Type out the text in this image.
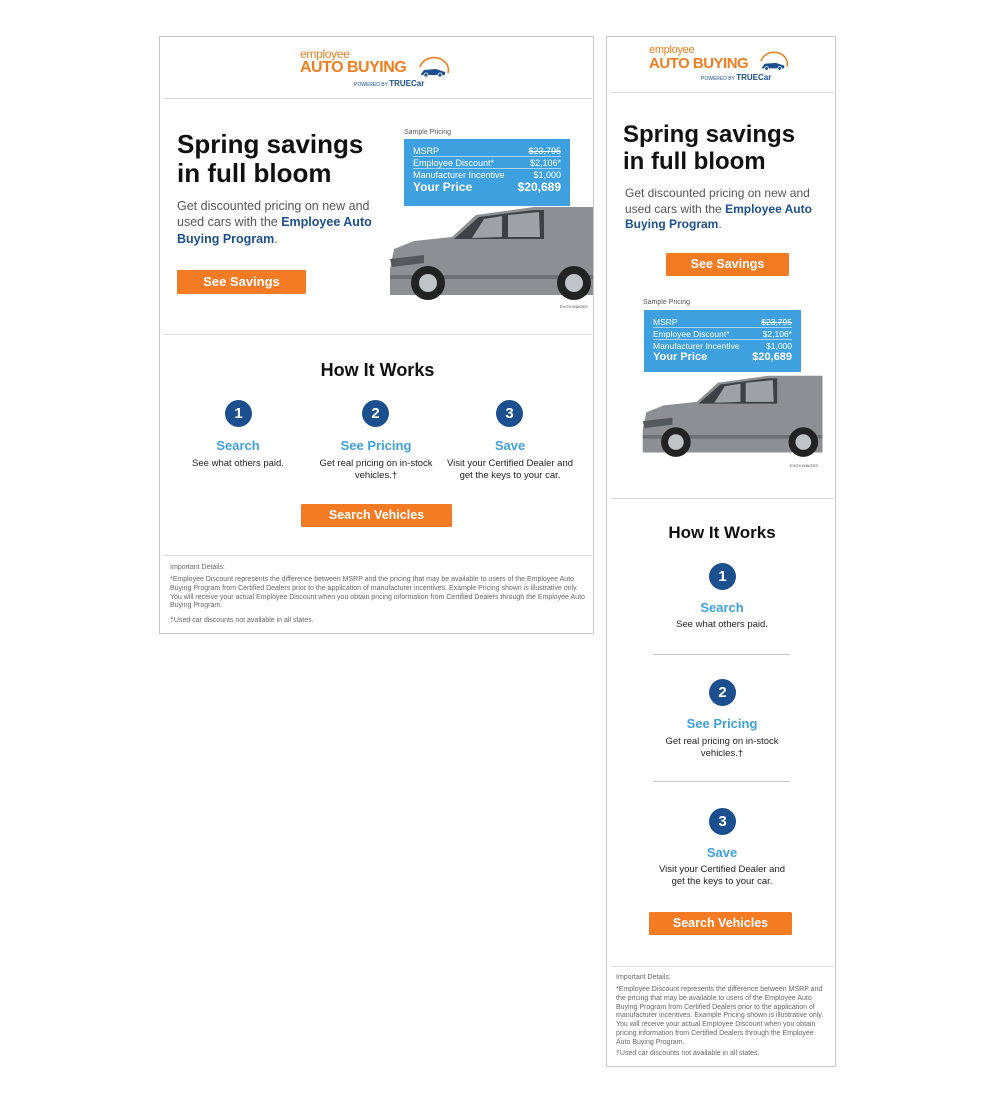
employee
AUTO BUYING
POWERED BY TRUECar
Spring savings
in full bloom
Get discounted pricing on new and used cars with the Employee Auto Buying Program.
See Savings
Sample Pricing
MSRP	$23,795
Employee Discount*	$2,106*
Manufacturer Incentive	$1,000
Your Price	$20,689
EVOX IMAGES
How It Works
1
Search
See what others paid.
2
See Pricing
Get real pricing on in-stock vehicles.†
3
Save
Visit your Certified Dealer and get the keys to your car.
Search Vehicles
Important Details:
*Employee Discount represents the difference between MSRP and the pricing that may be available to users of the Employee Auto Buying Program from Certified Dealers prior to the application of manufacturer incentives. Example Pricing shown is illustrative only. You will receive your actual Employee Discount when you obtain pricing information from Certified Dealers through the Employee Auto Buying Program.
†Used car discounts not available in all states.
employee
AUTO BUYING
POWERED BY TRUECar
Spring savings
in full bloom
Get discounted pricing on new and used cars with the Employee Auto Buying Program.
See Savings
Sample Pricing
MSRP	$23,795
Employee Discount*	$2,106*
Manufacturer Incentive	$1,000
Your Price	$20,689
EVOX IMAGES
How It Works
1
Search
See what others paid.
2
See Pricing
Get real pricing on in-stock vehicles.†
3
Save
Visit your Certified Dealer and get the keys to your car.
Search Vehicles
Important Details:
*Employee Discount represents the difference between MSRP and the pricing that may be available to users of the Employee Auto Buying Program from Certified Dealers prior to the application of manufacturer incentives. Example Pricing shown is illustrative only. You will receive your actual Employee Discount when you obtain pricing information from Certified Dealers through the Employee Auto Buying Program.
†Used car discounts not available in all states.
